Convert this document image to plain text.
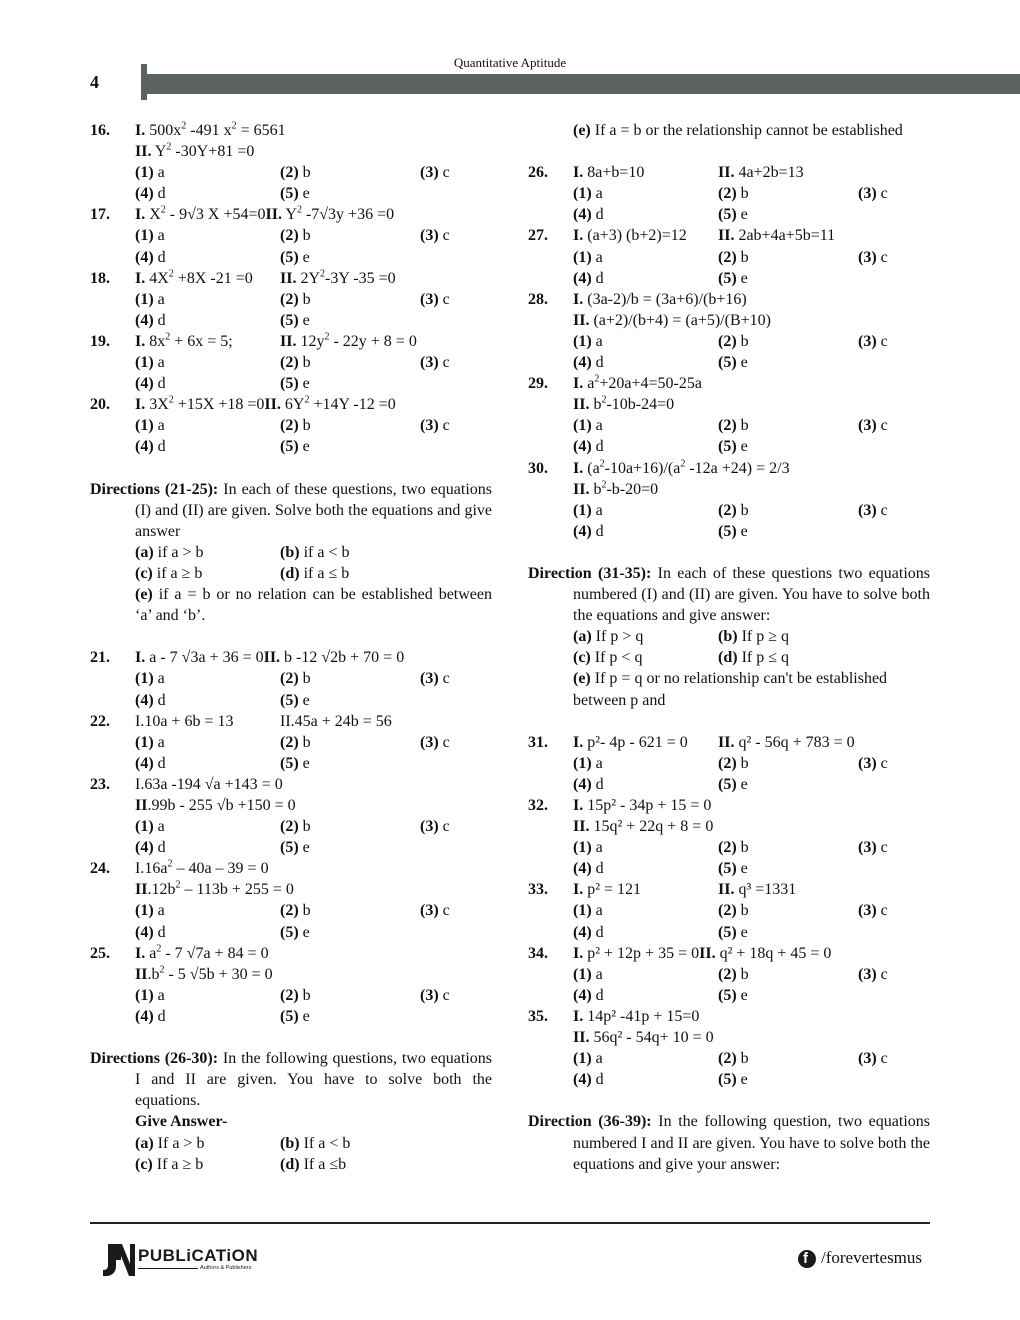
Quantitative Aptitude
4
16. I. $500x^2$ -491 $x^2 = 6561$
II. $Y^2$ -30Y+81 =0
(1) a	(2) b	(3) c
(4) d	(5) e
17. I. $X^2 - 9√3$ X +54=0II. $Y^2$ -7√3y +36 =0
(1) a	(2) b	(3) c
(4) d	(5) e
18. I. $4X^2 +8X$ -21 =0 II. $2Y^2-3Y$ -35 =0
(1) a	(2) b	(3) c
(4) d	(5) e
19. I. $8x^2 + 6x = 5$;	II. $12y^2 - 22y + 8 = 0$
(1) a	(2) b	(3) c
(4) d	(5) e
20. I. $3X^2 +15X +18 =0II$. $6Y^2 +14Y$ -12 =0
(1) a	(2) b	(3) c
(4) d	(5) e
Directions (21-25): In each of these questions, two equations (I) and (II) are given. Solve both the equations and give answer
(a) if a > b	(b) if a < b
(c) if a ≥ b	(d) if a ≤ b
(e) if a = b or no relation can be established between ‘a’ and ‘b’.
21. I. a - 7 √3a + 36 = 0II. b -12 √2b + 70 = 0
(1) a	(2) b	(3) c
(4) d	(5) e
22. I.10a + 6b = 13	II.45a + 24b = 56
(1) a	(2) b	(3) c
(4) d	(5) e
23. I.63a -194 √a +143 = 0
II.99b - 255 √b +150 = 0
(1) a	(2) b	(3) c
(4) d	(5) e
24. $I.16a^2 - 40a - 39 = 0$
$II.12b^2 - 113b + 255 = 0$
(1) a	(2) b	(3) c
(4) d	(5) e
25. I. $a^2 - 7$ √7a + 84 = 0
$II.b^2 - 5$ √5b + 30 = 0
(1) a	(2) b	(3) c
(4) d	(5) e
Directions (26-30): In the following questions, two equations I and II are given. You have to solve both the equations.
Give Answer-
(a) If a > b	(b) If a < b
(c) If a ≥ b	(d) If a ≤b
(e) If a = b or the relationship cannot be established
26. I. 8a+b=10	II. 4a+2b=13
(1) a	(2) b	(3) c
(4) d	(5) e
27. I. (a+3) (b+2)=12 II. 2ab+4a+5b=11
(1) a	(2) b	(3) c
(4) d	(5) e
28. I. (3a-2)/b = (3a+6)/(b+16)
II. (a+2)/(b+4) = (a+5)/(B+10)
(1) a	(2) b	(3) c
(4) d	(5) e
29. I. $a^2+20a+4=50-25a$
II. $b^2-10b-24=0$
(1) a	(2) b	(3) c
(4) d	(5) e
30. I. $(a^2-10a+16)/(a^2$ -12a +24) = 2/3
II. $b^2-b-20=0$
(1) a	(2) b	(3) c
(4) d	(5) e
Direction (31-35): In each of these questions two equations numbered (I) and (II) are given. You have to solve both the equations and give answer:
(a) If p > q	(b) If p ≥ q
(c) If p < q	(d) If p ≤ q
(e) If p = q or no relationship can't be established between p and
31. I. p²- 4p - 621 = 0 II. q² - 56q + 783 = 0
(1) a	(2) b	(3) c
(4) d	(5) e
32. I. 15p² - 34p + 15 = 0
II. 15q² + 22q + 8 = 0
(1) a	(2) b	(3) c
(4) d	(5) e
33. I. p² = 121	II. q³ =1331
(1) a	(2) b	(3) c
(4) d	(5) e
34. I. p² + 12p + 35 = 0II. q² + 18q + 45 = 0
(1) a	(2) b	(3) c
(4) d	(5) e
35. I. 14p² -41p + 15=0
II. 56q² - 54q+ 10 = 0
(1) a	(2) b	(3) c
(4) d	(5) e
Direction (36-39): In the following question, two equations numbered I and II are given. You have to solve both the equations and give your answer:
PUBLiCATiON
Authors & Publishers
f /forevertesmus
